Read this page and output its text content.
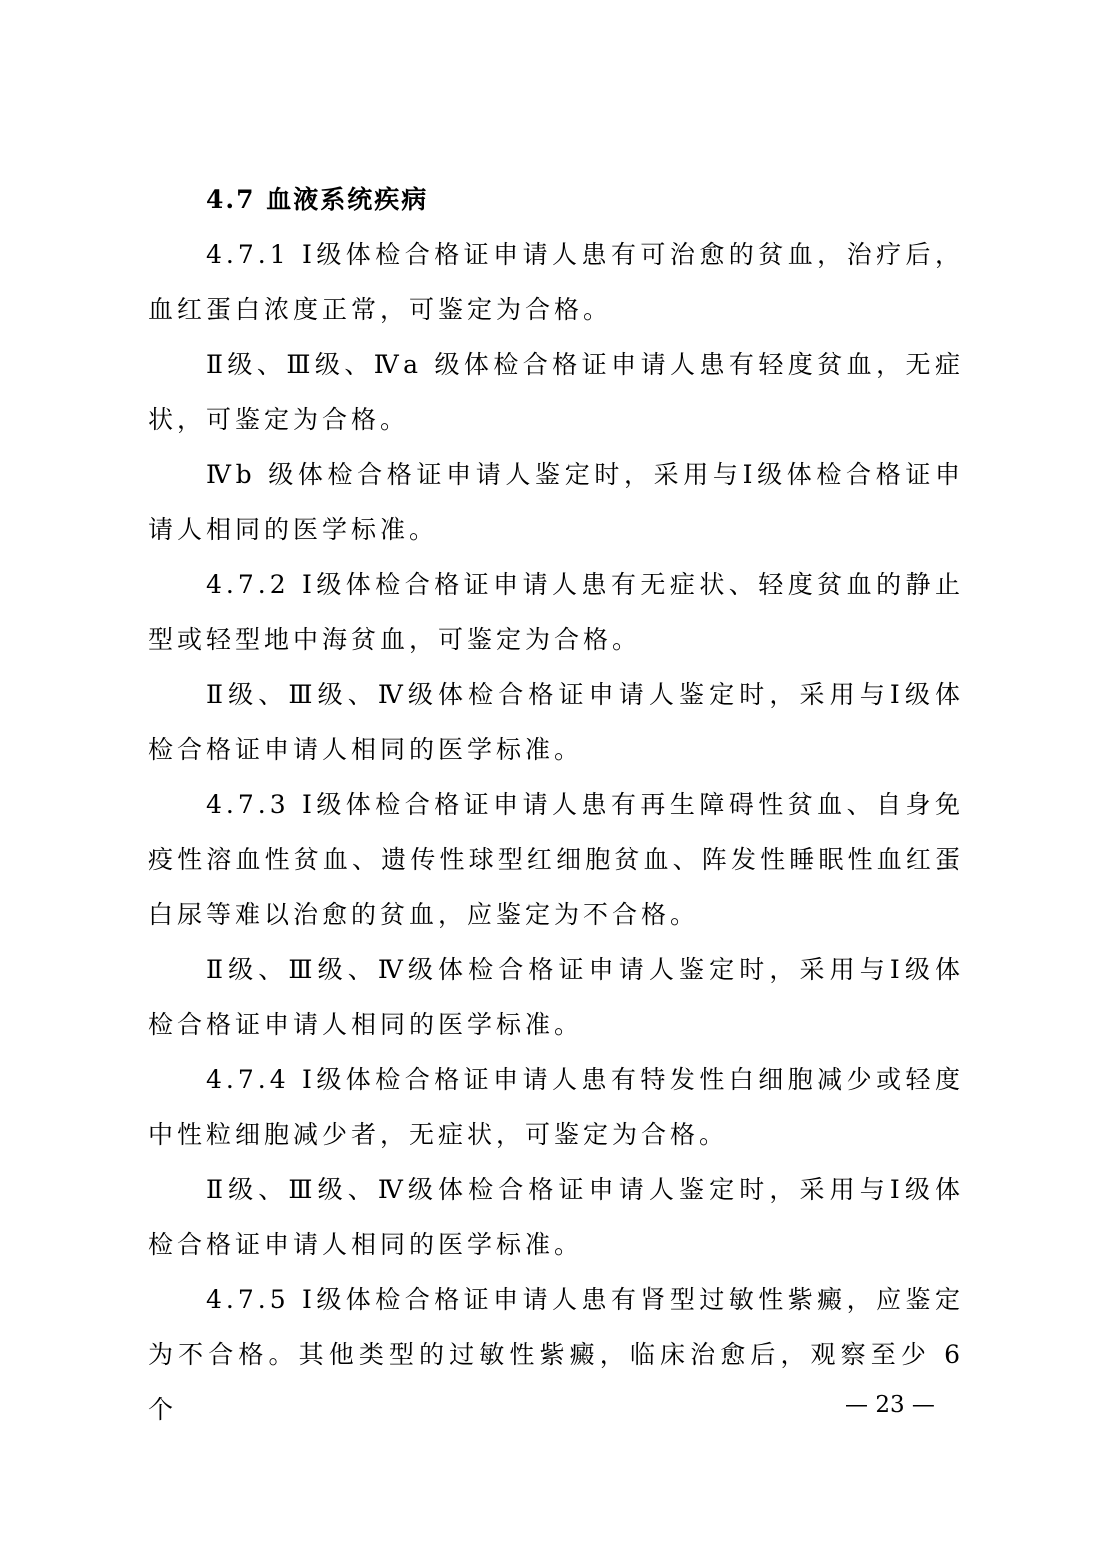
4.7 血液系统疾病

4.7.1 Ⅰ级体检合格证申请人患有可治愈的贫血，治疗后，血红蛋白浓度正常，可鉴定为合格。

Ⅱ级、Ⅲ级、Ⅳa 级体检合格证申请人患有轻度贫血，无症状，可鉴定为合格。

Ⅳb 级体检合格证申请人鉴定时，采用与Ⅰ级体检合格证申请人相同的医学标准。

4.7.2 Ⅰ级体检合格证申请人患有无症状、轻度贫血的静止型或轻型地中海贫血，可鉴定为合格。

Ⅱ级、Ⅲ级、Ⅳ级体检合格证申请人鉴定时，采用与Ⅰ级体检合格证申请人相同的医学标准。

4.7.3 Ⅰ级体检合格证申请人患有再生障碍性贫血、自身免疫性溶血性贫血、遗传性球型红细胞贫血、阵发性睡眠性血红蛋白尿等难以治愈的贫血，应鉴定为不合格。

Ⅱ级、Ⅲ级、Ⅳ级体检合格证申请人鉴定时，采用与Ⅰ级体检合格证申请人相同的医学标准。

4.7.4 Ⅰ级体检合格证申请人患有特发性白细胞减少或轻度中性粒细胞减少者，无症状，可鉴定为合格。

Ⅱ级、Ⅲ级、Ⅳ级体检合格证申请人鉴定时，采用与Ⅰ级体检合格证申请人相同的医学标准。

4.7.5 Ⅰ级体检合格证申请人患有肾型过敏性紫癜，应鉴定为不合格。其他类型的过敏性紫癜，临床治愈后，观察至少 6 个	— 23 —
